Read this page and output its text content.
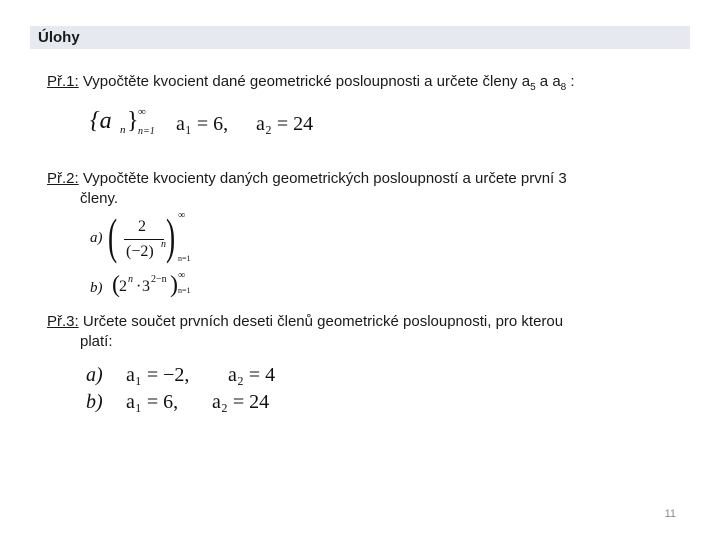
Úlohy
Př.1: Vypočtěte kvocient dané geometrické posloupnosti a určete členy $a_5$ a $a_8$ :
{a n } ∞
n=1 a₁ = 6, a₂ = 24
Př.2: Vypočtěte kvocienty daných geometrických posloupností a určete první 3
členy.
a) ( 2
(−2) n ) ∞
n=1
b) ( 2 n · 3 2−n ) ∞
n=1
Př.3: Určete součet prvních deseti členů geometrické posloupnosti, pro kterou
platí:
a) a₁ = −2, a₂ = 4
b) a₁ = 6, a₂ = 24
11
